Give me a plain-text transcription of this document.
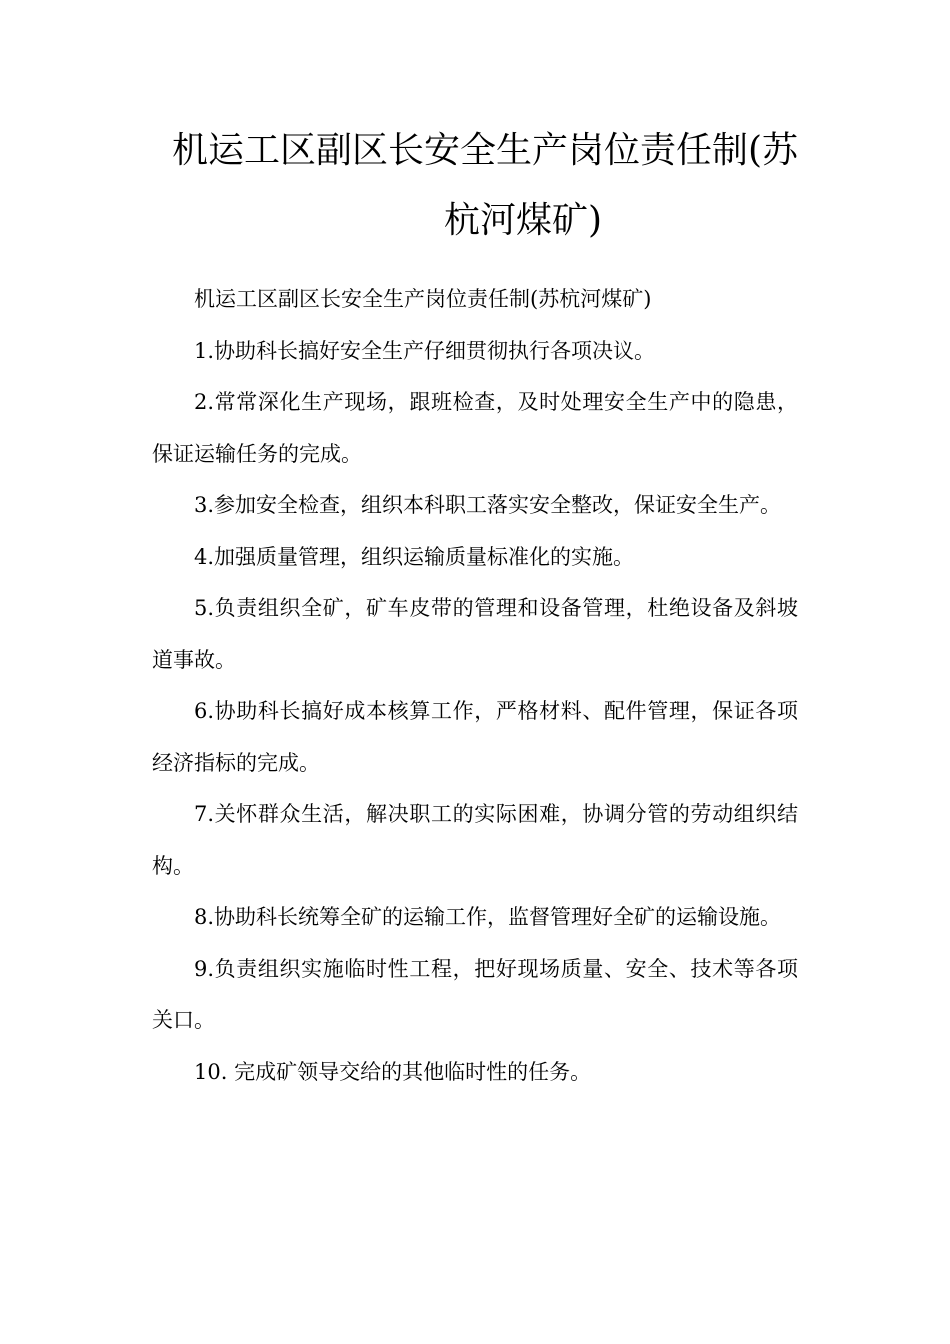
机运工区副区长安全生产岗位责任制(苏
杭河煤矿)

机运工区副区长安全生产岗位责任制(苏杭河煤矿)

1.协助科长搞好安全生产仔细贯彻执行各项决议。

2.常常深化生产现场，跟班检查，及时处理安全生产中的隐患，保证运输任务的完成。

3.参加安全检查，组织本科职工落实安全整改，保证安全生产。

4.加强质量管理，组织运输质量标准化的实施。

5.负责组织全矿，矿车皮带的管理和设备管理，杜绝设备及斜坡道事故。

6.协助科长搞好成本核算工作，严格材料、配件管理，保证各项经济指标的完成。

7.关怀群众生活，解决职工的实际困难，协调分管的劳动组织结构。

8.协助科长统筹全矿的运输工作，监督管理好全矿的运输设施。

9.负责组织实施临时性工程，把好现场质量、安全、技术等各项关口。

10. 完成矿领导交给的其他临时性的任务。
